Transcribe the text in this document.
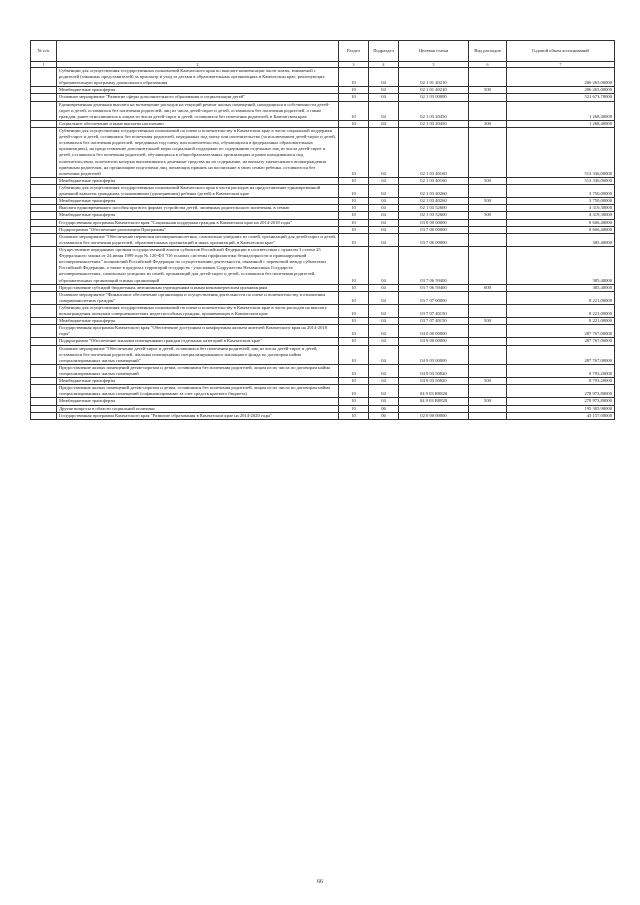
№ п/п		Раздел	Подраздел	Целевая статья	Вид расходов	Годовой объем ассигнований
1	2	3	4	5	6	7
	Субвенции для осуществления государственных полномочий Камчатского края по выплате компенсации части платы, взимаемой с родителей (законных представителей) за присмотр и уход за детьми в образовательных организациях в Камчатском крае, реализующих образовательную программу дошкольного образования	10	04	02 1 01 40210		206 265,00000
	Межбюджетные трансферты	10	04	02 1 01 40210	500	206 265,00000
	Основное мероприятие "Развитие сферы дополнительного образования и социализации детей"	10	04	02 1 03 00000		521 673,70000
	Единовременная денежная выплата на возмещение расходов на текущий ремонт жилых помещений, находящихся в собственности детей-сирот и детей, оставшихся без попечения родителей, лиц из числа детей-сирот и детей, оставшихся без попечения родителей, а также граждан, ранее относившихся к лицам из числа детей-сирот и детей, оставшихся без попечения родителей, в Камчатском крае	10	04	02 1 03 20450		1 268,40000
	Социальное обеспечение и иные выплаты населению	10	04	02 1 03 20450	300	1 268,40000
	Субвенции для осуществления государственных полномочий по опеке и попечительству в Камчатском крае в части социальной поддержки детей-сирот и детей, оставшихся без попечения родителей, переданных под опеку или попечительство (за исключением детей-сирот и детей, оставшихся без попечения родителей, переданных под опеку или попечительство, обучающихся в федеральных образовательных организациях), на предоставление дополнительной меры социальной поддержки по содержанию отдельных лиц из числа детей-сирот и детей, оставшихся без попечения родителей, обучающихся в общеобразовательных организациях и ранее находившихся под попечительством, попечители которых выплачивались денежные средства на их содержание, на выплату ежемесячного вознаграждения приемным родителям, на организацию подготовки лиц, желающих принять на воспитание в свою семью ребенка, оставшегося без попечения родителей	10	04	02 1 03 40160		513 336,00000
	Межбюджетные трансферты	10	04	02 1 03 40160	500	513 336,00000
	Субвенции для осуществления государственных полномочий Камчатского края в части расходов на предоставление единовременной денежной выплаты гражданам, усыновившим (удочерившим) ребенка (детей) в Камчатском крае	10	04	02 1 03 40260		3 750,00000
	Межбюджетные трансферты	10	04	02 1 03 40260	500	3 750,00000
	Выплата единовременного пособия при всех формах устройства детей, лишенных родительского попечения, в семью	10	04	02 1 03 52600		4 319,30000
	Межбюджетные трансферты	10	04	02 1 03 52600	500	4 319,30000
	Государственная программа Камчатского края "Социальная поддержка граждан в Камчатском крае на 2014-2018 годы"	10	04	03 0 00 00000		8 606,40000
	Подпрограмма "Обеспечение реализации Программы"	10	04	03 7 00 00000		8 606,40000
	Основное мероприятие "Обеспечение перевозки несовершеннолетних, самовольно ушедших из семей, организаций для детей-сирот и детей, оставшихся без попечения родителей, образовательных организаций и иных организаций, в Камчатском крае"	10	04	03 7 06 00000		385,40000
	Осуществление переданных органам государственной власти субъектов Российской Федерации в соответствии с пунктом 3 статьи 25 Федерального закона от 24 июня 1999 года № 120-ФЗ "Об основах системы профилактики безнадзорности и правонарушений несовершеннолетних" полномочий Российской Федерации по осуществлению деятельности, связанной с перевозкой между субъектами Российской Федерации, а также в пределах территорий государств - участников Содружества Независимых Государств несовершеннолетних, самовольно ушедших из семей, организаций для детей-сирот и детей, оставшихся без попечения родителей, образовательных организаций и иных организаций	10	04	03 7 06 59400		385,40000
	Предоставление субсидий бюджетным, автономным учреждениям и иным некоммерческим организациям	10	04	03 7 06 59400	600	385,40000
	Основное мероприятие "Финансовое обеспечение организации и осуществления деятельности по опеке и попечительству в отношении совершеннолетних граждан"	10	04	03 7 07 00000		8 221,00000
	Субвенции для осуществления государственных полномочий по опеке и попечительству в Камчатском крае в части расходов на выплату вознаграждения опекунам совершеннолетних недееспособных граждан, проживающих в Камчатском крае	10	04	03 7 07 40150		8 221,00000
	Межбюджетные трансферты	10	04	03 7 07 40150	500	8 221,00000
	Государственная программа Камчатского края "Обеспечение доступным и комфортным жильем жителей Камчатского края на 2014-2018 годы"	10	04	04 0 00 00000		287 767,00000
	Подпрограмма "Обеспечение жилыми помещениями граждан отдельных категорий в Камчатском крае"	10	04	04 9 00 00000		287 767,00000
	Основное мероприятие "Обеспечение детей-сирот и детей, оставшихся без попечения родителей, лиц из числа детей-сирот и детей, оставшихся без попечения родителей, жилыми помещениями специализированного жилищного фонда по договорам найма специализированных жилых помещений"	10	04	04 9 03 00000		287 767,00000
	Предоставление жилых помещений детям-сиротам и детям, оставшимся без попечения родителей, лицам из их числа по договорам найма специализированных жилых помещений	10	04	04 9 03 50820		8 793,20000
	Межбюджетные трансферты	10	04	04 9 03 50820	500	8 793,20000
	Предоставление жилых помещений детям-сиротам и детям, оставшимся без попечения родителей, лицам из их числа по договорам найма специализированных жилых помещений (софинансирование за счет средств краевого бюджета)	10	04	04 9 03 R0820		278 973,80000
	Межбюджетные трансферты	10	04	04 9 03 R0820	500	278 973,80000
	Другие вопросы в области социальной политики	10	06			195 305,90000
	Государственная программа Камчатского края "Развитие образования в Камчатском крае на 2014-2020 годы"	10	06	02 0 00 00000		43 157,00000
66
